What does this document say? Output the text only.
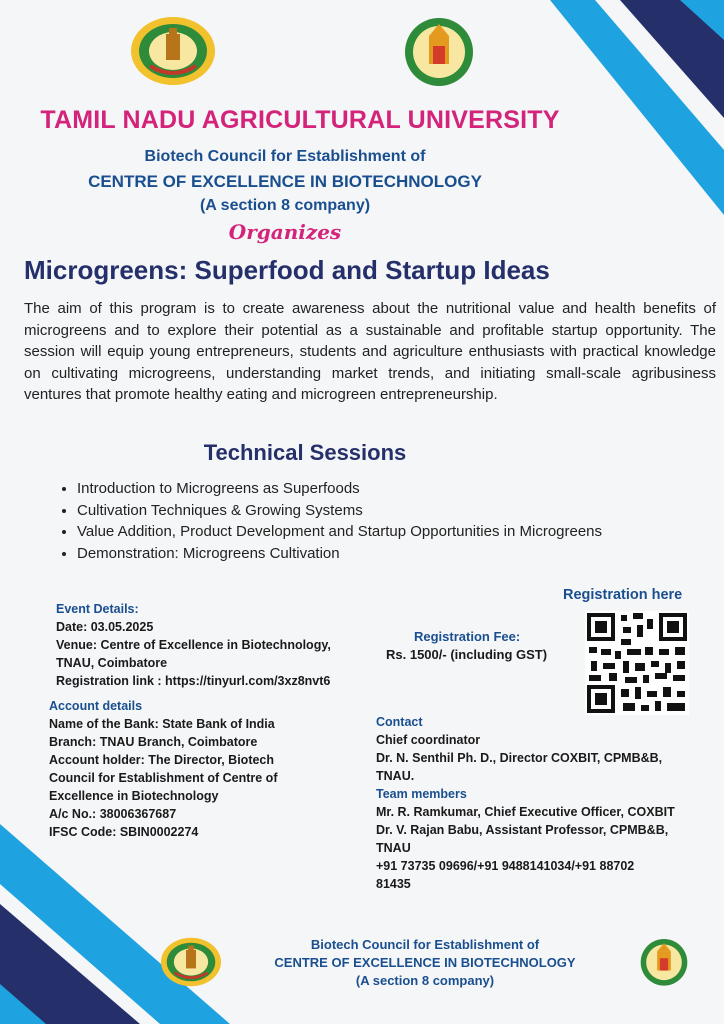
TAMIL NADU AGRICULTURAL UNIVERSITY
Biotech Council for Establishment of
CENTRE OF EXCELLENCE IN BIOTECHNOLOGY
(A section 8 company)
Organizes
Microgreens: Superfood and Startup Ideas
The aim of this program is to create awareness about the nutritional value and health benefits of microgreens and to explore their potential as a sustainable and profitable startup opportunity. The session will equip young entrepreneurs, students and agriculture enthusiasts with practical knowledge on cultivating microgreens, understanding market trends, and initiating small-scale agribusiness ventures that promote healthy eating and microgreen entrepreneurship.
Technical Sessions
• Introduction to Microgreens as Superfoods
• Cultivation Techniques & Growing Systems
• Value Addition, Product Development and Startup Opportunities in Microgreens
• Demonstration: Microgreens Cultivation
Event Details:
Date: 03.05.2025
Venue: Centre of Excellence in Biotechnology,
TNAU, Coimbatore
Registration link : https://tinyurl.com/3xz8nvt6
Registration here
Registration Fee:
Rs. 1500/- (including GST)
Account details
Name of the Bank: State Bank of India
Branch: TNAU Branch, Coimbatore
Account holder: The Director, Biotech
Council for Establishment of Centre of
Excellence in Biotechnology
A/c No.: 38006367687
IFSC Code: SBIN0002274
Contact
Chief coordinator
Dr. N. Senthil Ph. D., Director COXBIT, CPMB&B,
TNAU.
Team members
Mr. R. Ramkumar, Chief Executive Officer, COXBIT
Dr. V. Rajan Babu, Assistant Professor, CPMB&B,
TNAU
+91 73735 09696/+91 9488141034/+91 88702
81435
Biotech Council for Establishment of
CENTRE OF EXCELLENCE IN BIOTECHNOLOGY
(A section 8 company)
